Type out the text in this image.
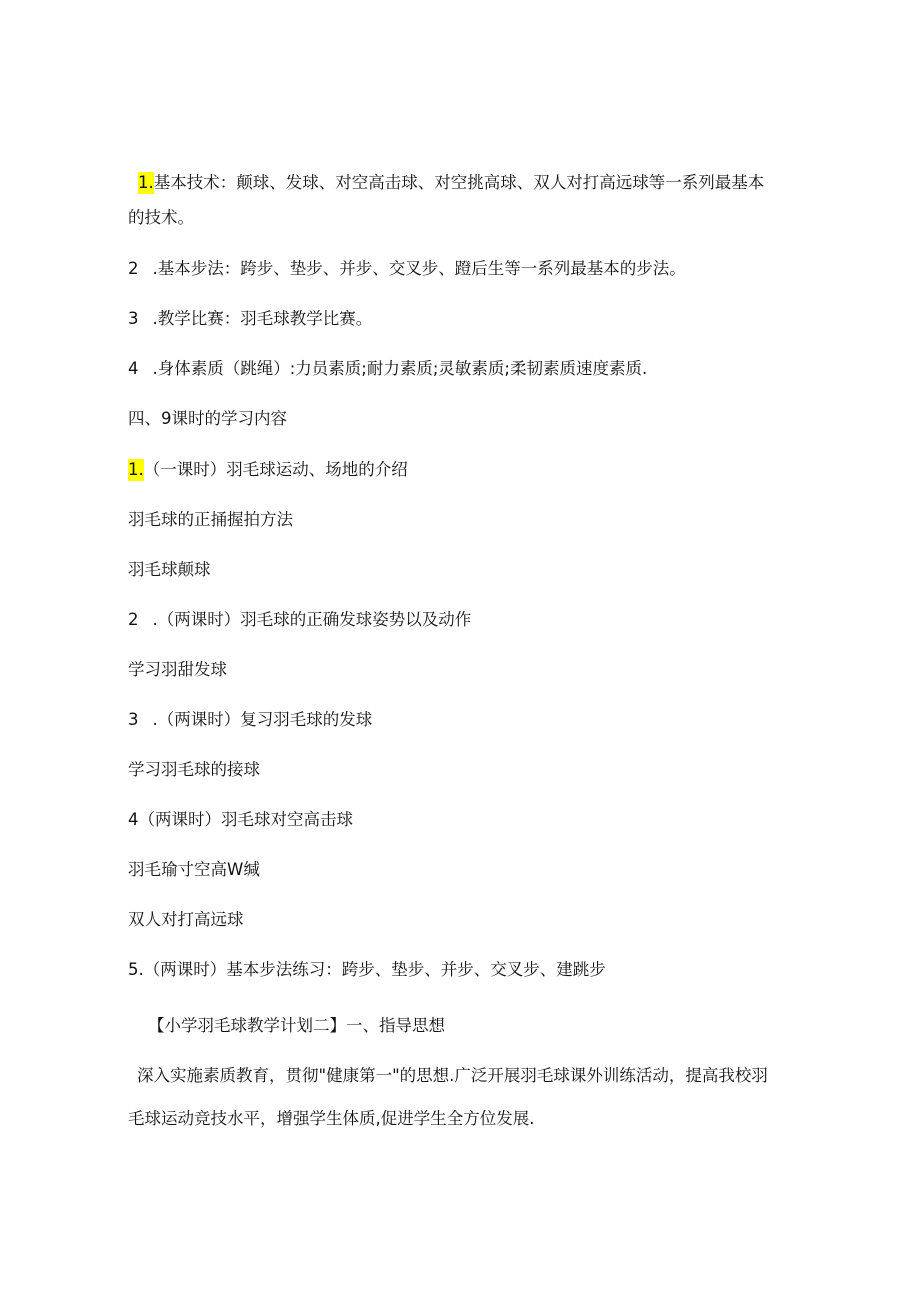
1.基本技术：颠球、发球、对空高击球、对空挑高球、双人对打高远球等一系列最基本
的技术。
2 .基本步法：跨步、垫步、并步、交叉步、蹬后生等一系列最基本的步法。
3 .教学比赛：羽毛球教学比赛。
4 .身体素质（跳绳）:力员素质;耐力素质;灵敏素质;柔韧素质速度素质.
四、9课时的学习内容
1.（一课时）羽毛球运动、场地的介绍
羽毛球的正捅握拍方法
羽毛球颠球
2 .（两课时）羽毛球的正确发球姿势以及动作
学习羽甜发球
3 .（两课时）复习羽毛球的发球
学习羽毛球的接球
4（两课时）羽毛球对空高击球
羽毛瑜寸空高W缄
双人对打高远球
5.（两课时）基本步法练习：跨步、垫步、并步、交叉步、建跳步
【小学羽毛球教学计划二】一、指导思想
深入实施素质教育，贯彻"健康第一"的思想.广泛开展羽毛球课外训练活动，提高我校羽
毛球运动竞技水平，增强学生体质,促进学生全方位发展.
